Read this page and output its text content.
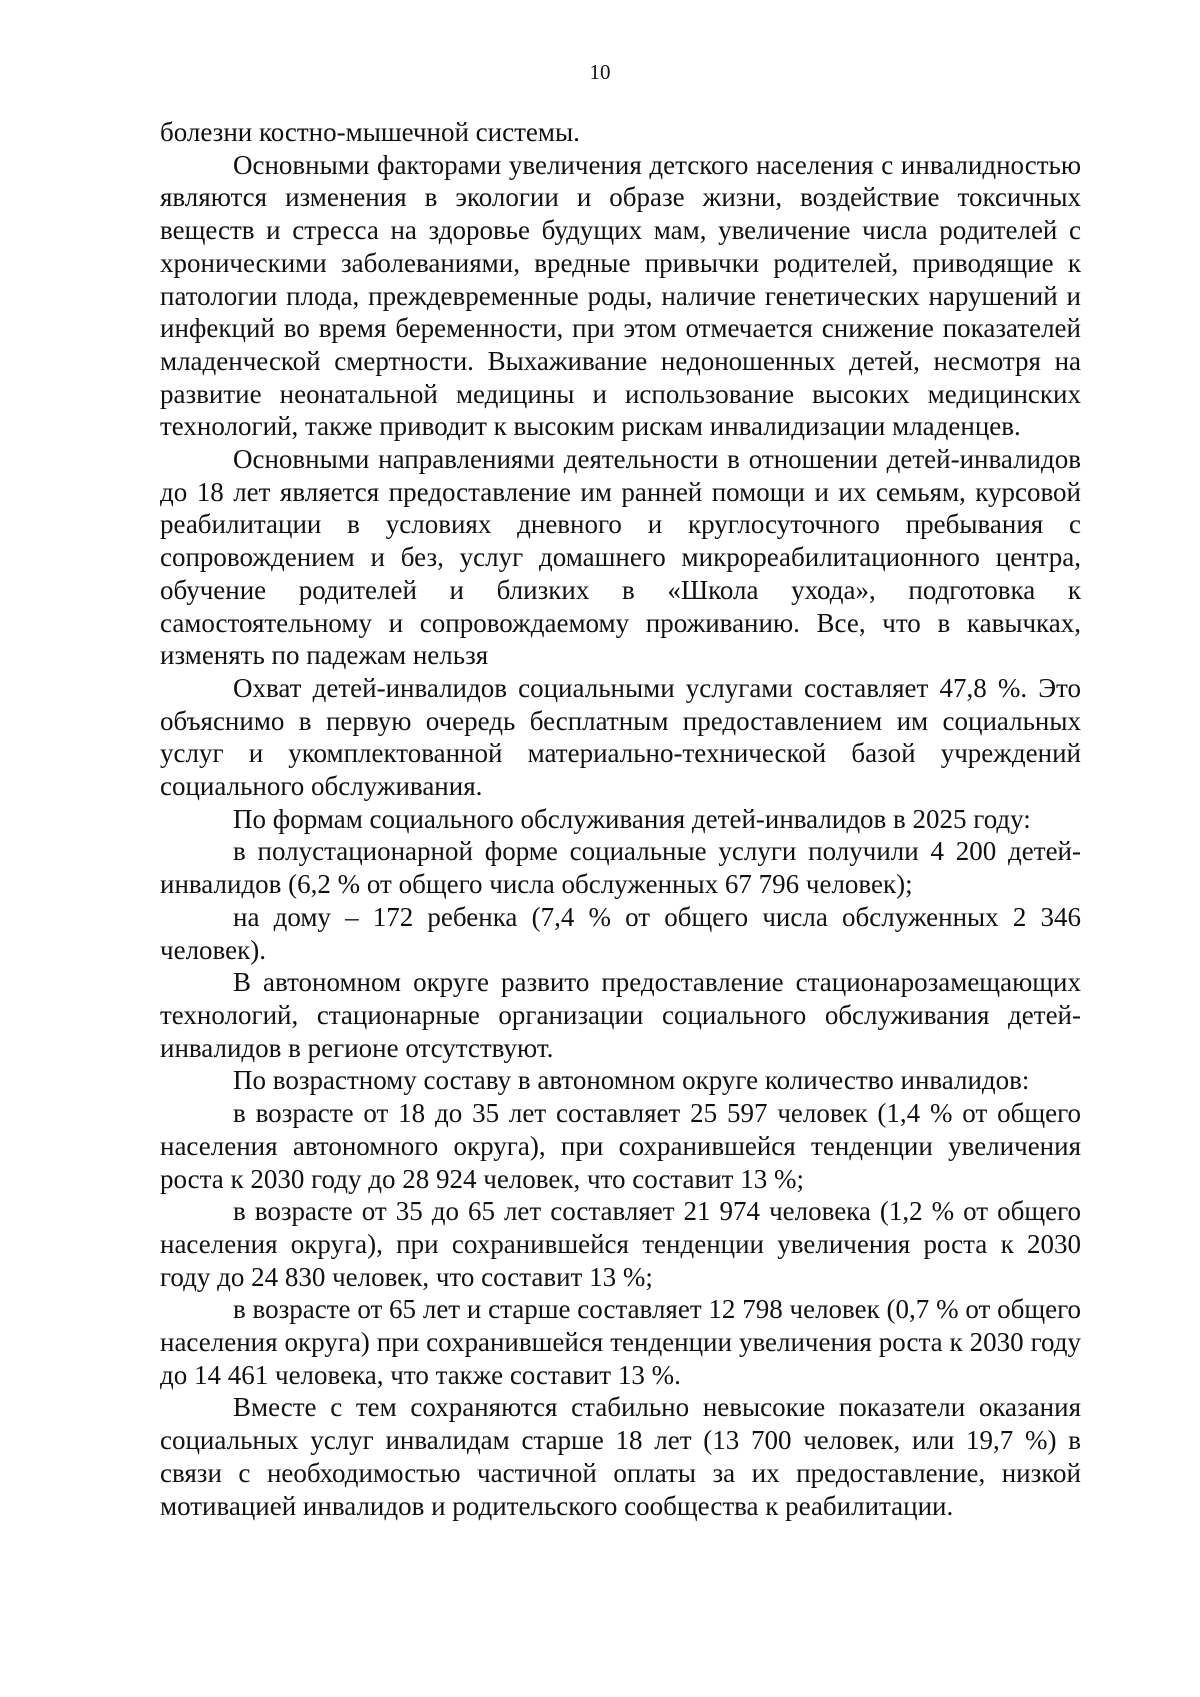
10

болезни костно-мышечной системы.

Основными факторами увеличения детского населения с инвалидностью являются изменения в экологии и образе жизни, воздействие токсичных веществ и стресса на здоровье будущих мам, увеличение числа родителей с хроническими заболеваниями, вредные привычки родителей, приводящие к патологии плода, преждевременные роды, наличие генетических нарушений и инфекций во время беременности, при этом отмечается снижение показателей младенческой смертности. Выхаживание недоношенных детей, несмотря на развитие неонатальной медицины и использование высоких медицинских технологий, также приводит к высоким рискам инвалидизации младенцев.

Основными направлениями деятельности в отношении детей-инвалидов до 18 лет является предоставление им ранней помощи и их семьям, курсовой реабилитации в условиях дневного и круглосуточного пребывания с сопровождением и без, услуг домашнего микрореабилитационного центра, обучение родителей и близких в «Школа ухода», подготовка к самостоятельному и сопровождаемому проживанию. Все, что в кавычках, изменять по падежам нельзя

Охват детей-инвалидов социальными услугами составляет 47,8 %. Это объяснимо в первую очередь бесплатным предоставлением им социальных услуг и укомплектованной материально-технической базой учреждений социального обслуживания.

По формам социального обслуживания детей-инвалидов в 2025 году:

в полустационарной форме социальные услуги получили 4 200 детей-инвалидов (6,2 % от общего числа обслуженных 67 796 человек);

на дому – 172 ребенка (7,4 % от общего числа обслуженных 2 346 человек).

В автономном округе развито предоставление стационарозамещающих технологий, стационарные организации социального обслуживания детей-инвалидов в регионе отсутствуют.

По возрастному составу в автономном округе количество инвалидов:

в возрасте от 18 до 35 лет составляет 25 597 человек (1,4 % от общего населения автономного округа), при сохранившейся тенденции увеличения роста к 2030 году до 28 924 человек, что составит 13 %;

в возрасте от 35 до 65 лет составляет 21 974 человека (1,2 % от общего населения округа), при сохранившейся тенденции увеличения роста к 2030 году до 24 830 человек, что составит 13 %;

в возрасте от 65 лет и старше составляет 12 798 человек (0,7 % от общего населения округа) при сохранившейся тенденции увеличения роста к 2030 году до 14 461 человека, что также составит 13 %.

Вместе с тем сохраняются стабильно невысокие показатели оказания социальных услуг инвалидам старше 18 лет (13 700 человек, или 19,7 %) в связи с необходимостью частичной оплаты за их предоставление, низкой мотивацией инвалидов и родительского сообщества к реабилитации.
